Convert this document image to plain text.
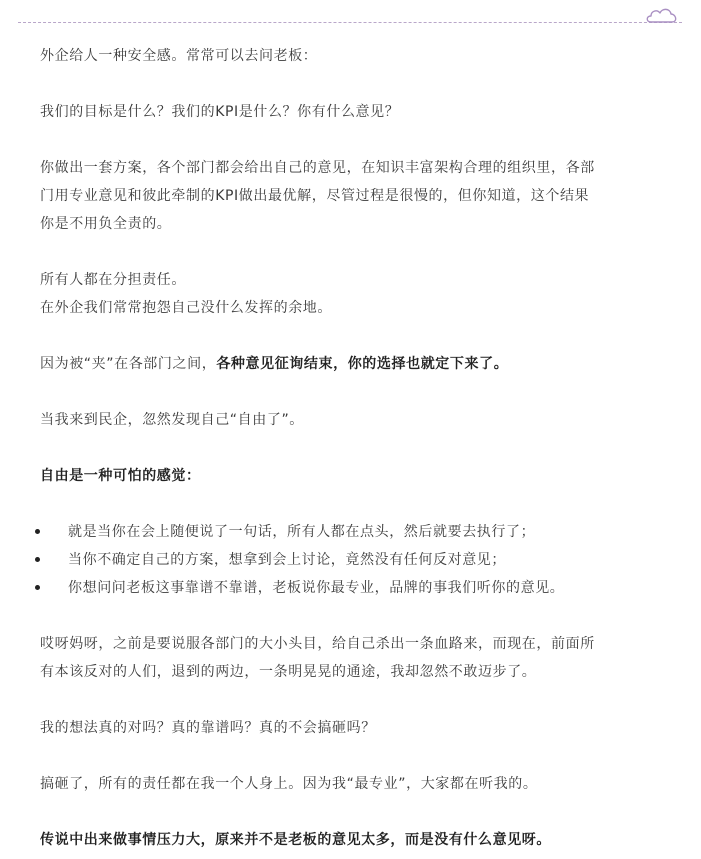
外企给人一种安全感。常常可以去问老板：

我们的目标是什么？我们的KPI是什么？你有什么意见？

你做出一套方案，各个部门都会给出自己的意见，在知识丰富架构合理的组织里，各部

门用专业意见和彼此牵制的KPI做出最优解，尽管过程是很慢的，但你知道，这个结果

你是不用负全责的。

所有人都在分担责任。

在外企我们常常抱怨自己没什么发挥的余地。

因为被“夹”在各部门之间，各种意见征询结束，你的选择也就定下来了。

当我来到民企，忽然发现自己“自由了”。

自由是一种可怕的感觉：

就是当你在会上随便说了一句话，所有人都在点头，然后就要去执行了；
当你不确定自己的方案，想拿到会上讨论，竟然没有任何反对意见；
你想问问老板这事靠谱不靠谱，老板说你最专业，品牌的事我们听你的意见。

哎呀妈呀，之前是要说服各部门的大小头目，给自己杀出一条血路来，而现在，前面所

有本该反对的人们，退到的两边，一条明晃晃的通途，我却忽然不敢迈步了。

我的想法真的对吗？真的靠谱吗？真的不会搞砸吗？

搞砸了，所有的责任都在我一个人身上。因为我“最专业”，大家都在听我的。

传说中出来做事情压力大，原来并不是老板的意见太多，而是没有什么意见呀。
